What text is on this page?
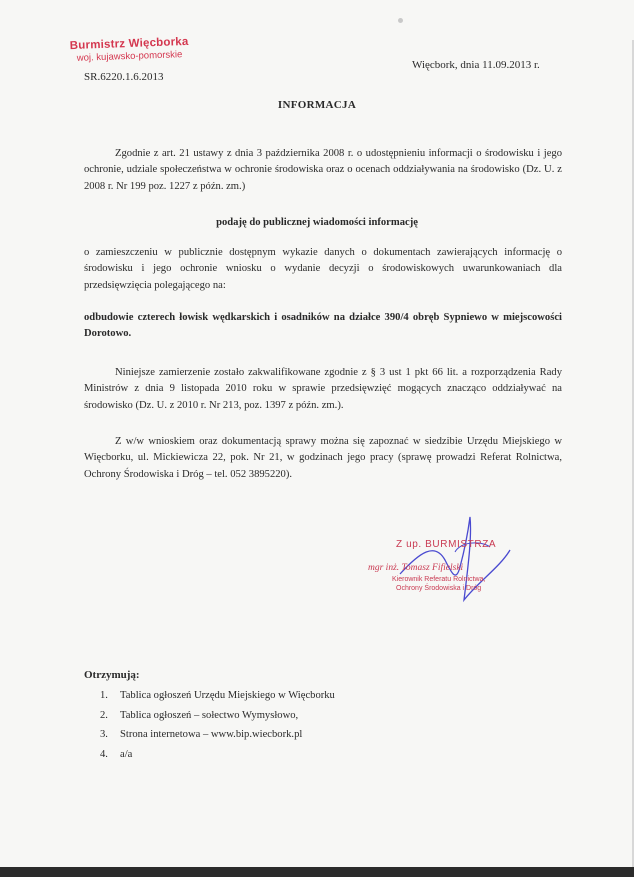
Burmistrz Więcborka
woj. kujawsko-pomorskie
SR.6220.1.6.2013
Więcbork, dnia 11.09.2013 r.
INFORMACJA
Zgodnie z art. 21 ustawy z dnia 3 października 2008 r. o udostępnieniu informacji o środowisku i jego ochronie, udziale społeczeństwa w ochronie środowiska oraz o ocenach oddziaływania na środowisko (Dz. U. z 2008 r. Nr 199 poz. 1227 z późn. zm.)
podaję do publicznej wiadomości informację
o zamieszczeniu w publicznie dostępnym wykazie danych o dokumentach zawierających informację o środowisku i jego ochronie wniosku o wydanie decyzji o środowiskowych uwarunkowaniach dla przedsięwzięcia polegającego na:
odbudowie czterech łowisk wędkarskich i osadników na działce 390/4 obręb Sypniewo w miejscowości Dorotowo.
Niniejsze zamierzenie zostało zakwalifikowane zgodnie z § 3 ust 1 pkt 66 lit. a rozporządzenia Rady Ministrów z dnia 9 listopada 2010 roku w sprawie przedsięwzięć mogących znacząco oddziaływać na środowisko (Dz. U. z 2010 r. Nr 213, poz. 1397 z późn. zm.).
Z w/w wnioskiem oraz dokumentacją sprawy można się zapoznać w siedzibie Urzędu Miejskiego w Więcborku, ul. Mickiewicza 22, pok. Nr 21, w godzinach jego pracy (sprawę prowadzi Referat Rolnictwa, Ochrony Środowiska i Dróg – tel. 052 3895220).
Z up. BURMISTRZA
mgr inż. Tomasz Fifielski
Kierownik Referatu Rolnictwa,
Ochrony Środowiska i Dróg
Otrzymują:
1. Tablica ogłoszeń Urzędu Miejskiego w Więcborku
2. Tablica ogłoszeń – sołectwo Wymysłowo,
3. Strona internetowa – www.bip.wiecbork.pl
4. a/a
